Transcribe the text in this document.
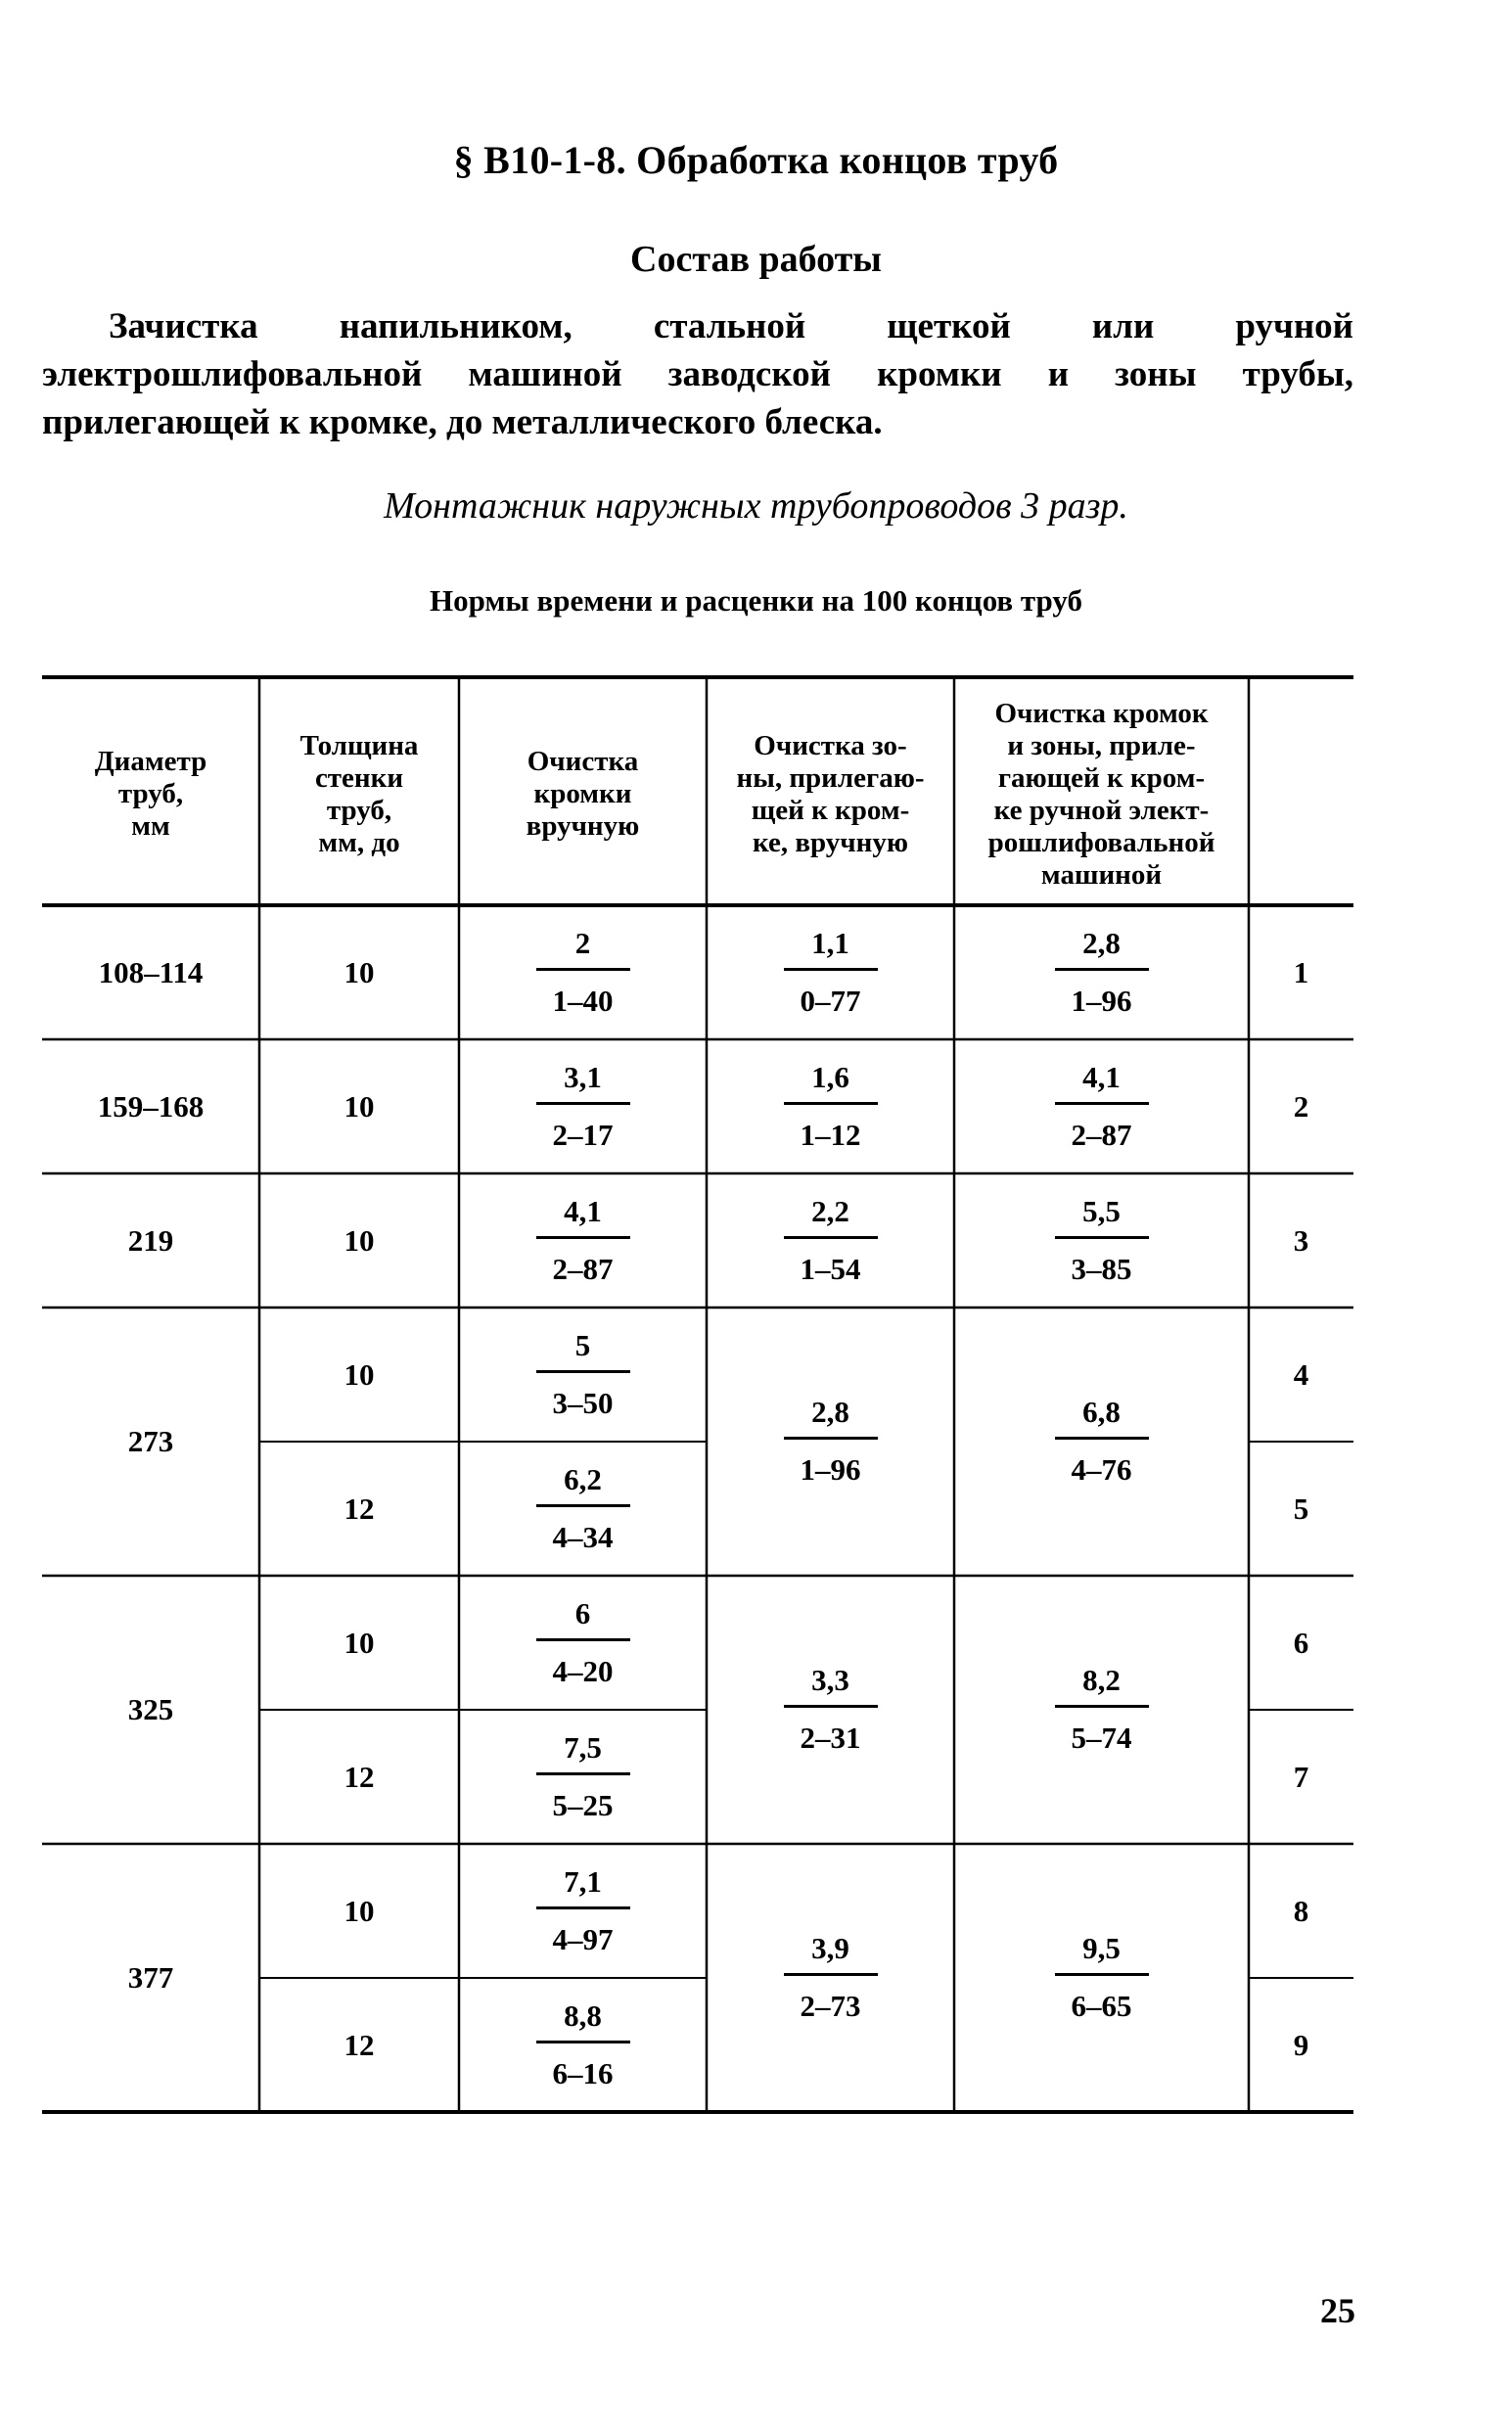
§ В10-1-8. Обработка концов труб
Состав работы
Зачистка напильником, стальной щеткой или ручной электрошлифовальной машиной заводской кромки и зоны трубы, прилегающей к кромке, до металлического блеска.
Монтажник наружных трубопроводов 3 разр.
Нормы времени и расценки на 100 концов труб
Диаметр
труб,
мм
Толщина
стенки
труб,
мм, до
Очистка
кромки
вручную
Очистка зо-
ны, прилегаю-
щей к кром-
ке, вручную
Очистка кромок
и зоны, приле-
гающей к кром-
ке ручной элект-
рошлифовальной
машиной
108–114
1,1
0–77
2,8
1–96
10
2
1–40
1
159–168
1,6
1–12
4,1
2–87
10
3,1
2–17
2
219
2,2
1–54
5,5
3–85
10
4,1
2–87
3
273
2,8
1–96
6,8
4–76
10
5
3–50
4
12
6,2
4–34
5
325
3,3
2–31
8,2
5–74
10
6
4–20
6
12
7,5
5–25
7
377
3,9
2–73
9,5
6–65
10
7,1
4–97
8
12
8,8
6–16
9
25
